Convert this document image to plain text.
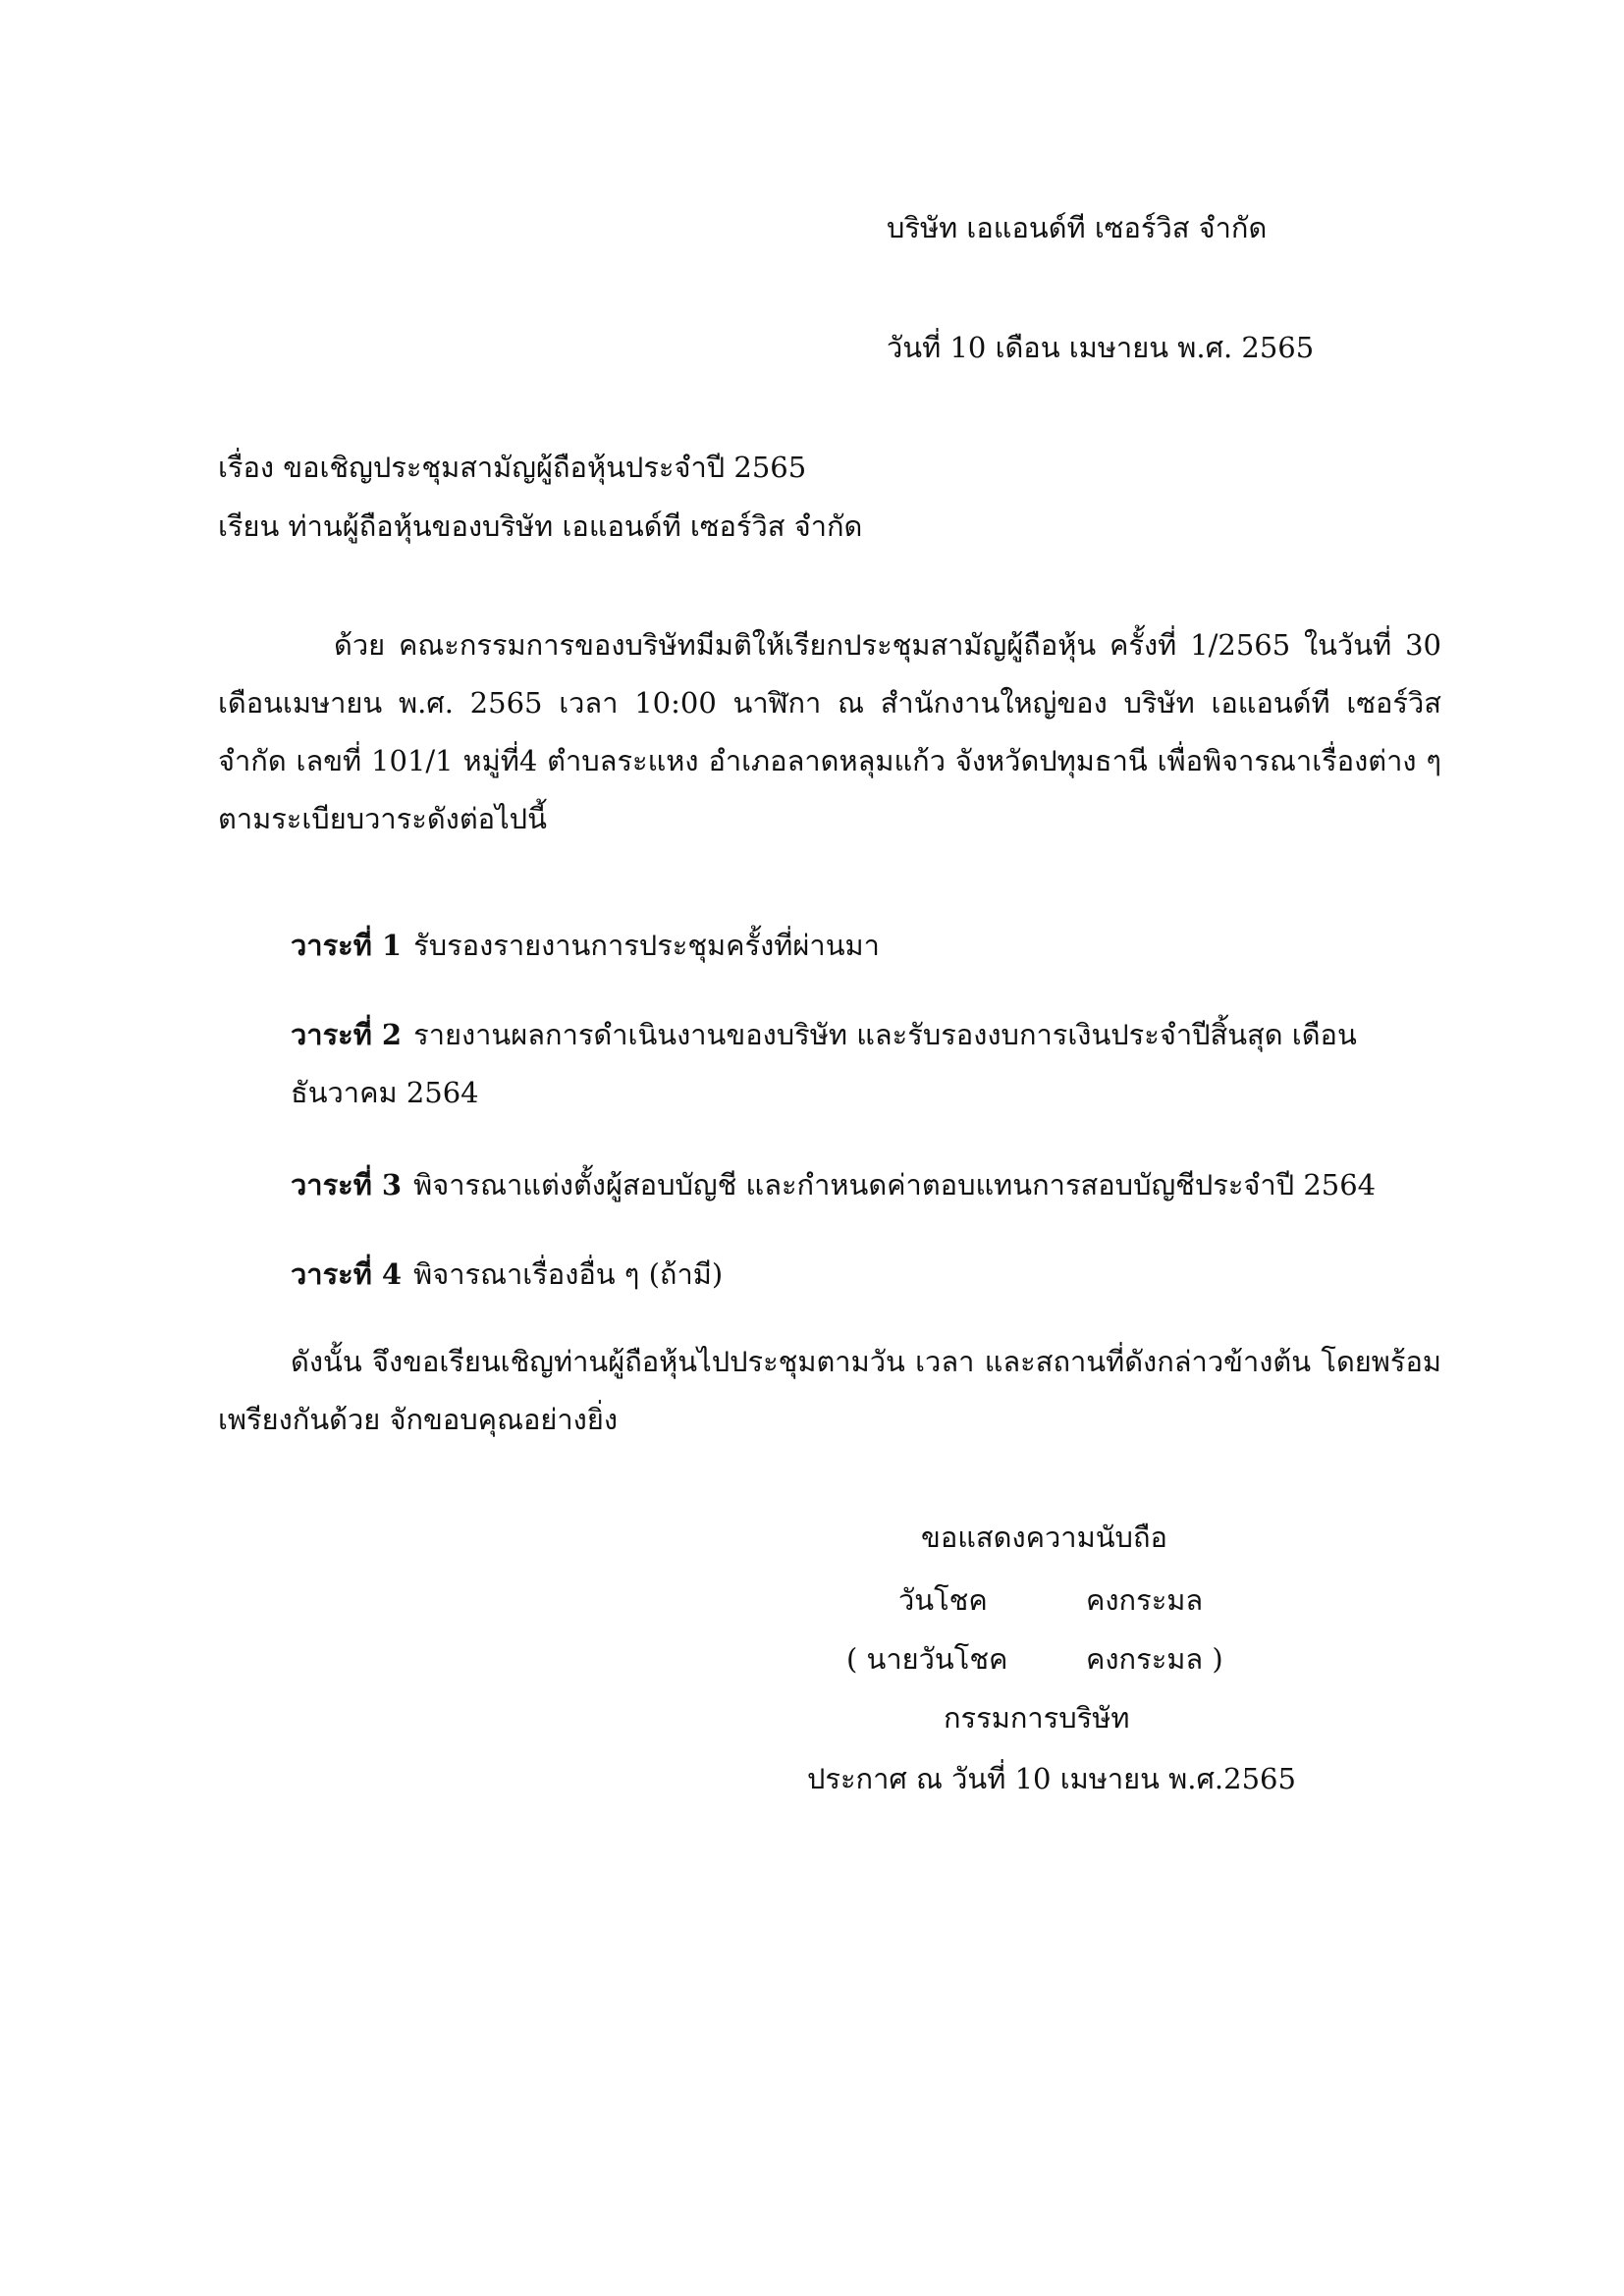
บริษัท เอแอนด์ที เซอร์วิส จำกัด
วันที่ 10 เดือน เมษายน พ.ศ. 2565
เรื่อง ขอเชิญประชุมสามัญผู้ถือหุ้นประจำปี 2565
เรียน ท่านผู้ถือหุ้นของบริษัท เอแอนด์ที เซอร์วิส จำกัด
ด้วย คณะกรรมการของบริษัทมีมติให้เรียกประชุมสามัญผู้ถือหุ้น ครั้งที่ 1/2565 ในวันที่ 30 เดือนเมษายน พ.ศ. 2565 เวลา 10:00 นาฬิกา ณ สำนักงานใหญ่ของ บริษัท เอแอนด์ที เซอร์วิส จำกัด เลขที่ 101/1 หมู่ที่4 ตำบลระแหง อำเภอลาดหลุมแก้ว จังหวัดปทุมธานี เพื่อพิจารณาเรื่องต่าง ๆ ตามระเบียบวาระดังต่อไปนี้
วาระที่ 1 รับรองรายงานการประชุมครั้งที่ผ่านมา
วาระที่ 2 รายงานผลการดำเนินงานของบริษัท และรับรองงบการเงินประจำปีสิ้นสุด เดือน ธันวาคม 2564
วาระที่ 3 พิจารณาแต่งตั้งผู้สอบบัญชี และกำหนดค่าตอบแทนการสอบบัญชีประจำปี 2564
วาระที่ 4 พิจารณาเรื่องอื่น ๆ (ถ้ามี)
ดังนั้น จึงขอเรียนเชิญท่านผู้ถือหุ้นไปประชุมตามวัน เวลา และสถานที่ดังกล่าวข้างต้น โดยพร้อมเพรียงกันด้วย จักขอบคุณอย่างยิ่ง
ขอแสดงความนับถือ
วันโชค	คงกระมล
( นายวันโชค	คงกระมล )
กรรมการบริษัท
ประกาศ ณ วันที่ 10 เมษายน พ.ศ.2565
